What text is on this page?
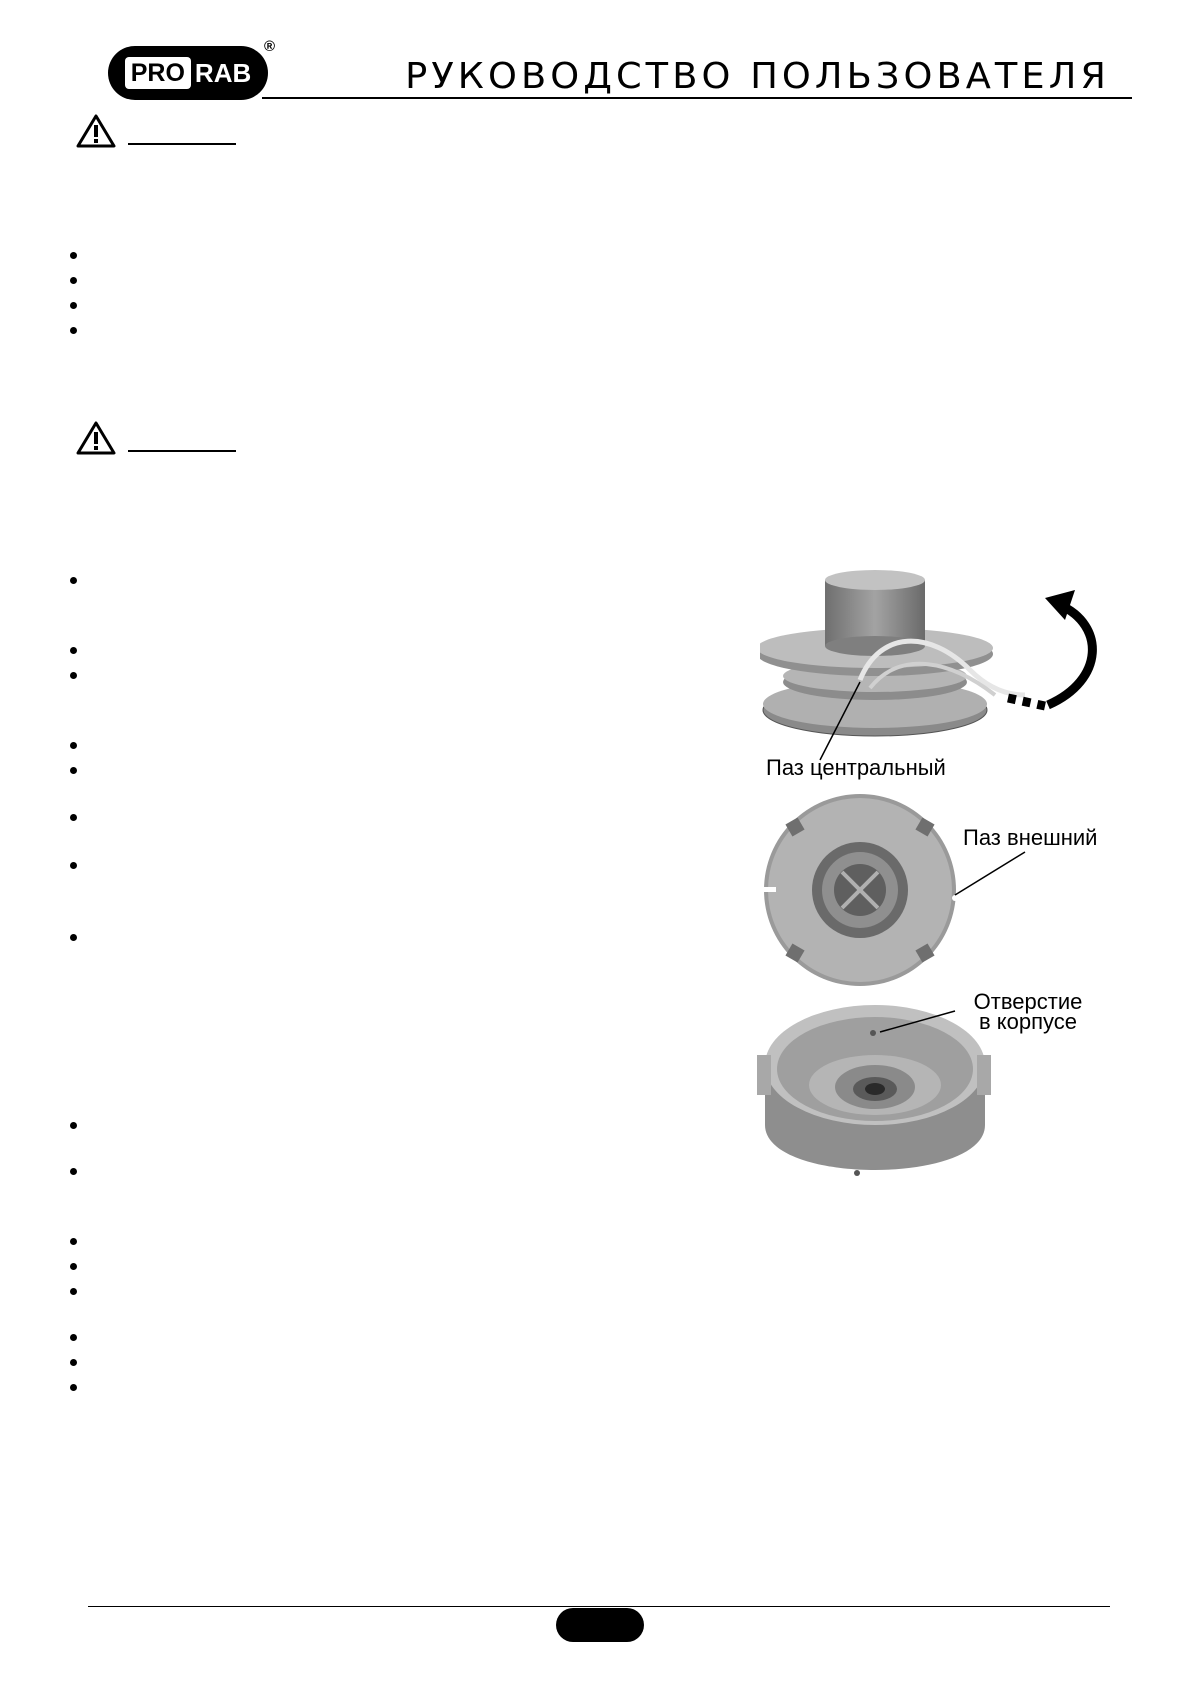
PRO RAB
®
РУКОВОДСТВО ПОЛЬЗОВАТЕЛЯ
Паз центральный
Паз внешний
Отверстие
в корпусе
